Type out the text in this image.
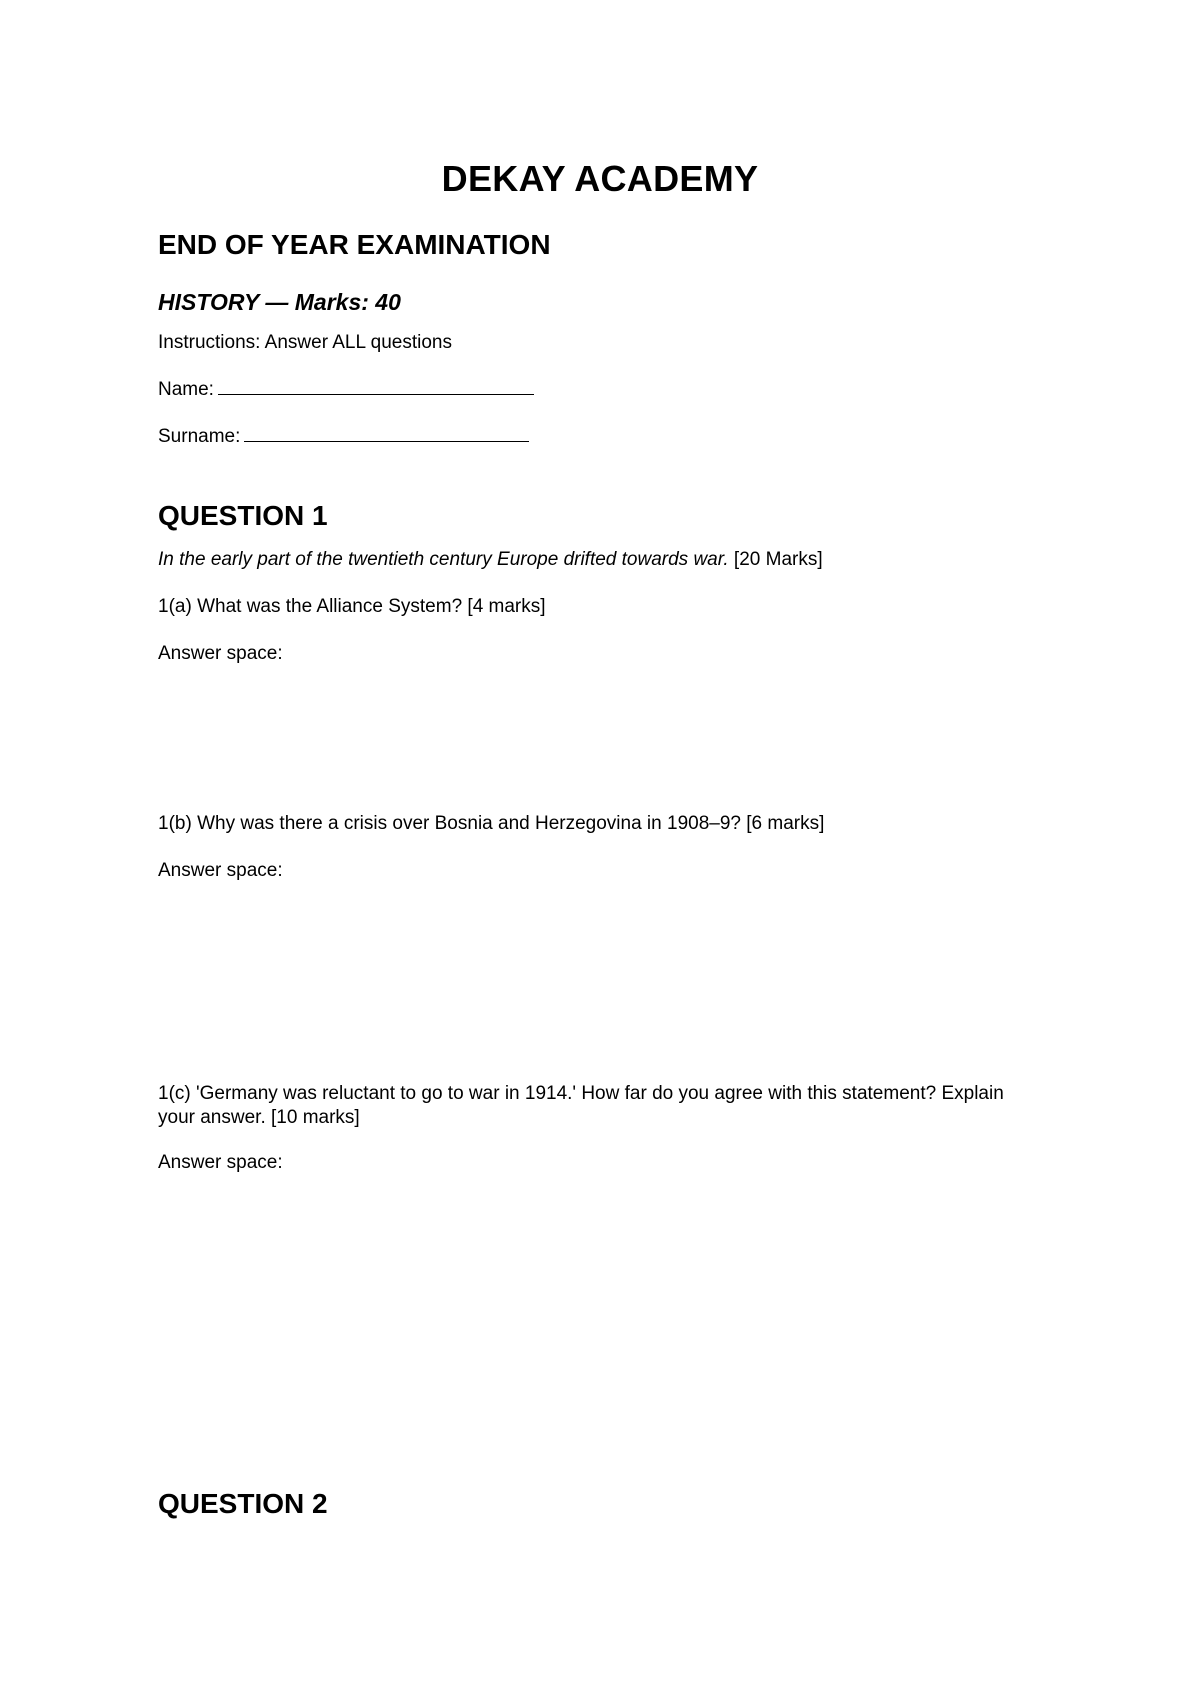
DEKAY ACADEMY
END OF YEAR EXAMINATION
HISTORY — Marks: 40
Instructions: Answer ALL questions
Name:
Surname:
QUESTION 1
In the early part of the twentieth century Europe drifted towards war. [20 Marks]
1(a) What was the Alliance System? [4 marks]
Answer space:
1(b) Why was there a crisis over Bosnia and Herzegovina in 1908–9? [6 marks]
Answer space:
1(c) 'Germany was reluctant to go to war in 1914.' How far do you agree with this statement? Explain your answer. [10 marks]
Answer space:
QUESTION 2
